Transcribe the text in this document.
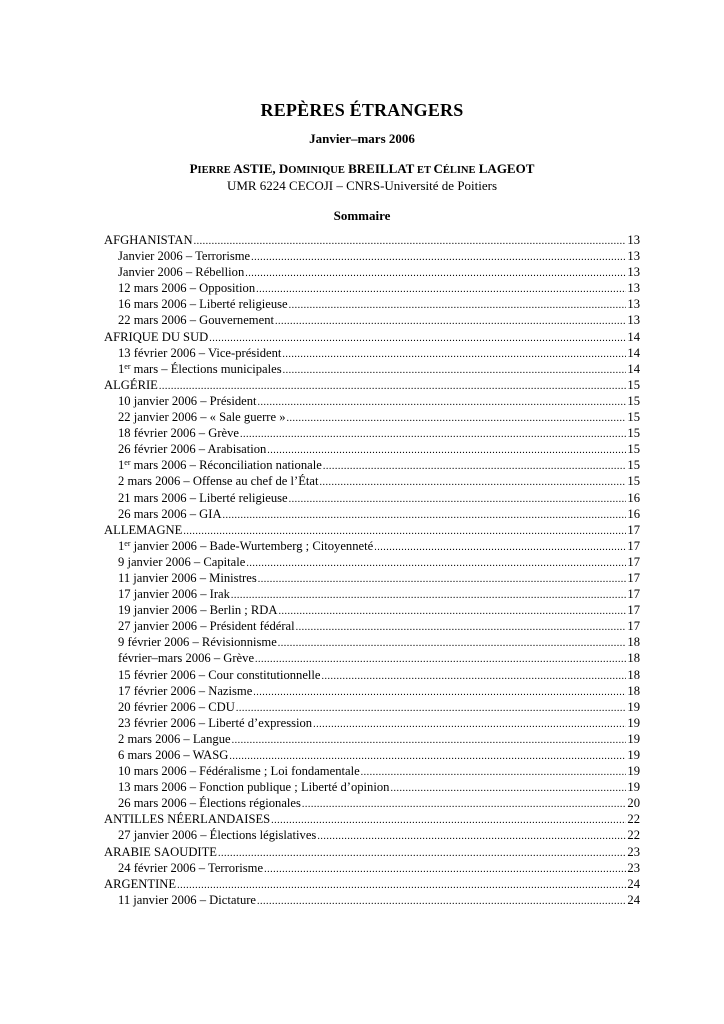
REPÈRES ÉTRANGERS
Janvier–mars 2006
PIERRE ASTIE, DOMINIQUE BREILLAT ET CÉLINE LAGEOT
UMR 6224 CECOJI – CNRS-Université de Poitiers
Sommaire
AFGHANISTAN .....	13
Janvier 2006 – Terrorisme .....	13
Janvier 2006 – Rébellion .....	13
12 mars 2006 – Opposition .....	13
16 mars 2006 – Liberté religieuse .....	13
22 mars 2006 – Gouvernement .....	13
AFRIQUE DU SUD .....	14
13 février 2006 – Vice-président .....	14
1er mars – Élections municipales .....	14
ALGÉRIE .....	15
10 janvier 2006 – Président .....	15
22 janvier 2006 – « Sale guerre » .....	15
18 février 2006 – Grève .....	15
26 février 2006 – Arabisation .....	15
1er mars 2006 – Réconciliation nationale .....	15
2 mars 2006 – Offense au chef de l’État .....	15
21 mars 2006 – Liberté religieuse .....	16
26 mars 2006 – GIA .....	16
ALLEMAGNE .....	17
1er janvier 2006 – Bade-Wurtemberg ; Citoyenneté .....	17
9 janvier 2006 – Capitale .....	17
11 janvier 2006 – Ministres .....	17
17 janvier 2006 – Irak .....	17
19 janvier 2006 – Berlin ; RDA .....	17
27 janvier 2006 – Président fédéral .....	17
9 février 2006 – Révisionnisme .....	18
février–mars 2006 – Grève .....	18
15 février 2006 – Cour constitutionnelle .....	18
17 février 2006 – Nazisme .....	18
20 février 2006 – CDU .....	19
23 février 2006 – Liberté d’expression .....	19
2 mars 2006 – Langue .....	19
6 mars 2006 – WASG .....	19
10 mars 2006 – Fédéralisme ; Loi fondamentale .....	19
13 mars 2006 – Fonction publique ; Liberté d’opinion .....	19
26 mars 2006 – Élections régionales .....	20
ANTILLES NÉERLANDAISES .....	22
27 janvier 2006 – Élections législatives .....	22
ARABIE SAOUDITE .....	23
24 février 2006 – Terrorisme .....	23
ARGENTINE .....	24
11 janvier 2006 – Dictature .....	24
